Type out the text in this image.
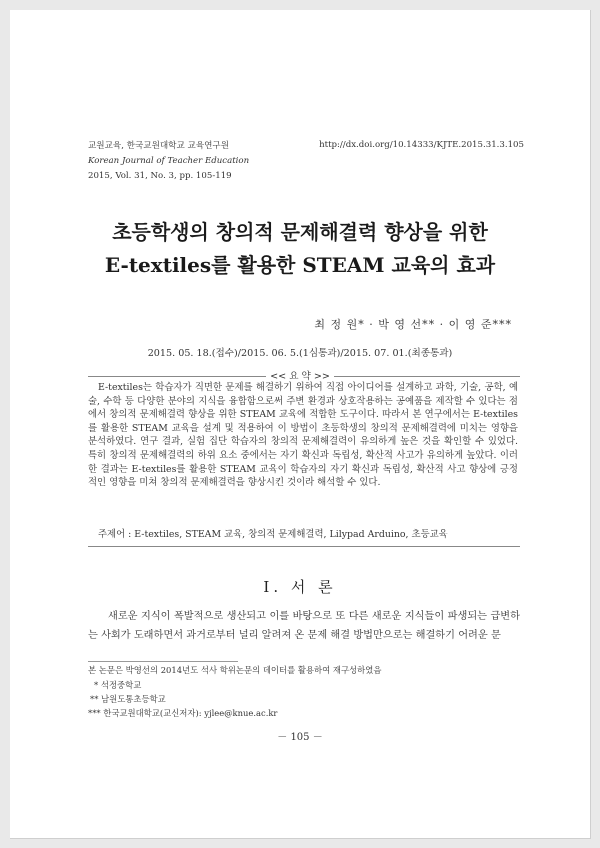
교원교육, 한국교원대학교 교육연구원
Korean Journal of Teacher Education
2015, Vol. 31, No. 3, pp. 105-119
http://dx.doi.org/10.14333/KJTE.2015.31.3.105
초등학생의 창의적 문제해결력 향상을 위한
E-textiles를 활용한 STEAM 교육의 효과
최 정 원* · 박 영 선** · 이 영 준***
2015. 05. 18.(접수)/2015. 06. 5.(1심통과)/2015. 07. 01.(최종통과)
<< 요 약 >>

E-textiles는 학습자가 직면한 문제를 해결하기 위하여 직접 아이디어를 설계하고 과학, 기술, 공학, 예술, 수학 등 다양한 분야의 지식을 융합함으로써 주변 환경과 상호작용하는 공예품을 제작할 수 있다는 점에서 창의적 문제해결력 향상을 위한 STEAM 교육에 적합한 도구이다. 따라서 본 연구에서는 E-textiles를 활용한 STEAM 교육을 설계 및 적용하여 이 방법이 초등학생의 창의적 문제해결력에 미치는 영향을 분석하였다. 연구 결과, 실험 집단 학습자의 창의적 문제해결력이 유의하게 높은 것을 확인할 수 있었다. 특히 창의적 문제해결력의 하위 요소 중에서는 자기 확신과 독립성, 확산적 사고가 유의하게 높았다. 이러한 결과는 E-textiles를 활용한 STEAM 교육이 학습자의 자기 확신과 독립성, 확산적 사고 향상에 긍정적인 영향을 미쳐 창의적 문제해결력을 향상시킨 것이라 해석할 수 있다.

주제어 : E-textiles, STEAM 교육, 창의적 문제해결력, Lilypad Arduino, 초등교육
Ⅰ. 서 론
새로운 지식이 폭발적으로 생산되고 이를 바탕으로 또 다른 새로운 지식들이 파생되는 급변하는 사회가 도래하면서 과거로부터 널리 알려져 온 문제 해결 방법만으로는 해결하기 어려운 문
본 논문은 박영선의 2014년도 석사 학위논문의 데이터를 활용하여 재구성하였음
* 석정중학교
** 남원도통초등학교
*** 한국교원대학교(교신저자): yjlee@knue.ac.kr
－ 105 －
